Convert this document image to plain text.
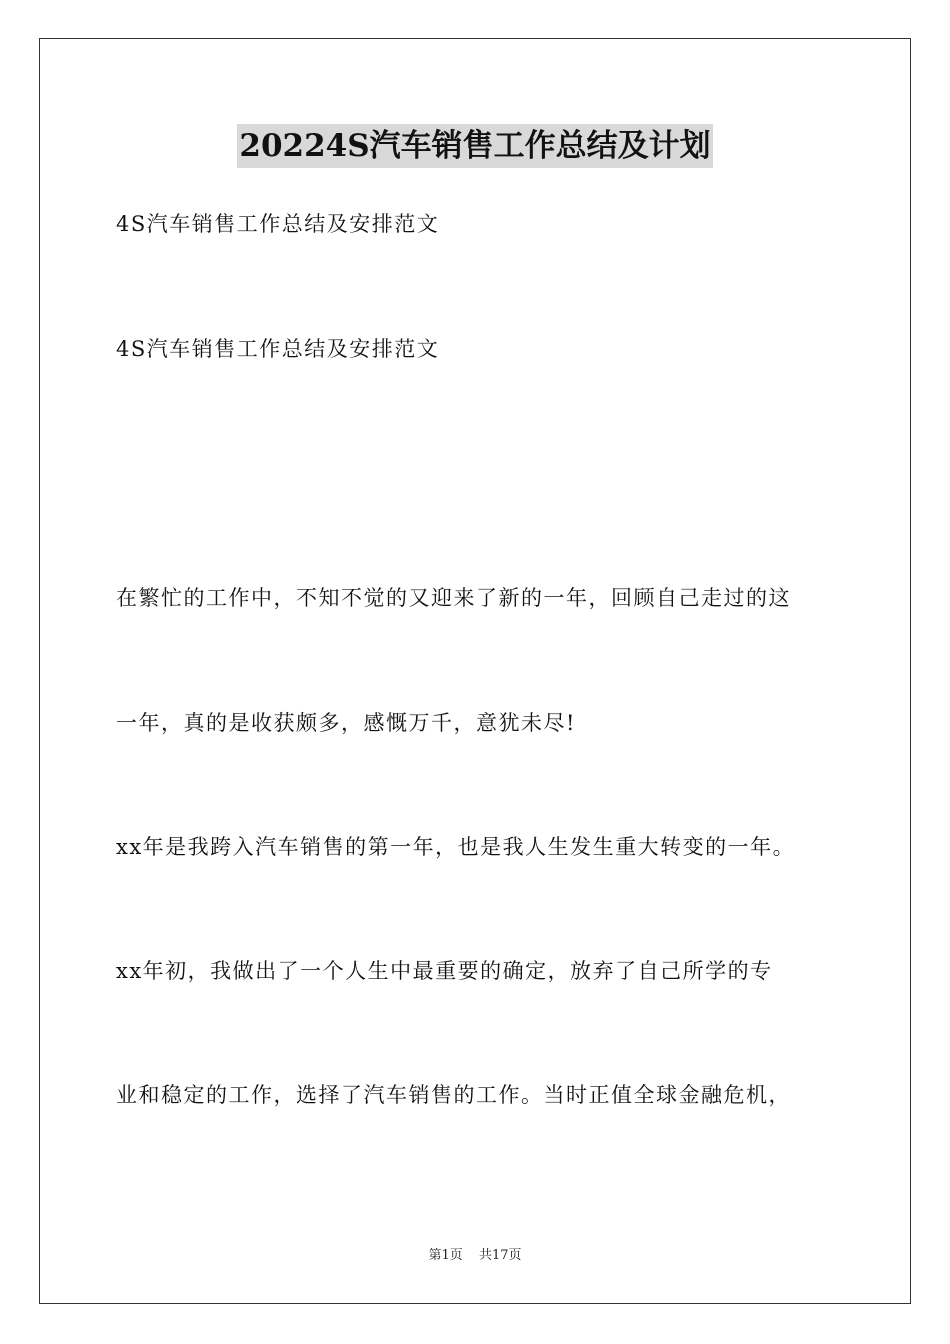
20224S汽车销售工作总结及计划
4S汽车销售工作总结及安排范文
4S汽车销售工作总结及安排范文
在繁忙的工作中，不知不觉的又迎来了新的一年，回顾自己走过的这
一年，真的是收获颇多，感慨万千，意犹未尽!
xx年是我跨入汽车销售的第一年，也是我人生发生重大转变的一年。
xx年初，我做出了一个人生中最重要的确定，放弃了自己所学的专
业和稳定的工作，选择了汽车销售的工作。当时正值全球金融危机，
第1页 共17页
